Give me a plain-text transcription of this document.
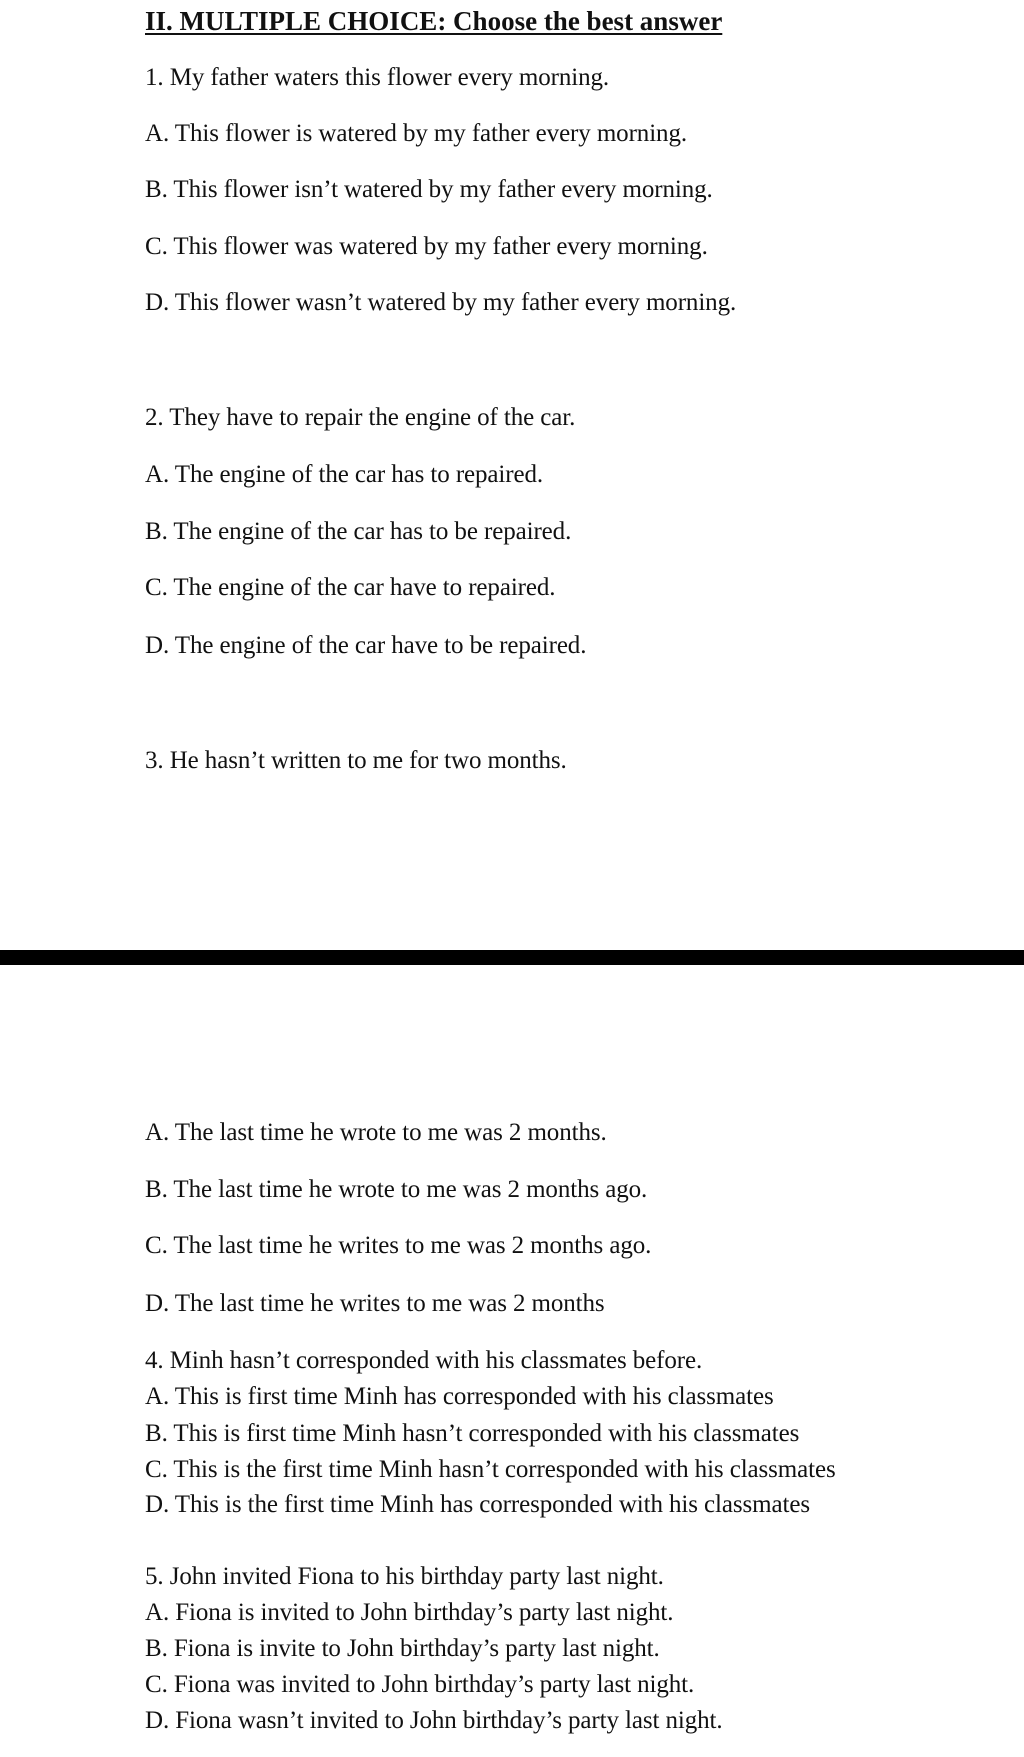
II. MULTIPLE CHOICE: Choose the best answer
1. My father waters this flower every morning.
A. This flower is watered by my father every morning.
B. This flower isn’t watered by my father every morning.
C. This flower was watered by my father every morning.
D. This flower wasn’t watered by my father every morning.
2. They have to repair the engine of the car.
A. The engine of the car has to repaired.
B. The engine of the car has to be repaired.
C. The engine of the car have to repaired.
D. The engine of the car have to be repaired.
3. He hasn’t written to me for two months.
A. The last time he wrote to me was 2 months.
B. The last time he wrote to me was 2 months ago.
C. The last time he writes to me was 2 months ago.
D. The last time he writes to me was 2 months
4. Minh hasn’t corresponded with his classmates before.
A. This is first time Minh has corresponded with his classmates
B. This is first time Minh hasn’t corresponded with his classmates
C. This is the first time Minh hasn’t corresponded with his classmates
D. This is the first time Minh has corresponded with his classmates
5. John invited Fiona to his birthday party last night.
A. Fiona is invited to John birthday’s party last night.
B. Fiona is invite to John birthday’s party last night.
C. Fiona was invited to John birthday’s party last night.
D. Fiona wasn’t invited to John birthday’s party last night.
